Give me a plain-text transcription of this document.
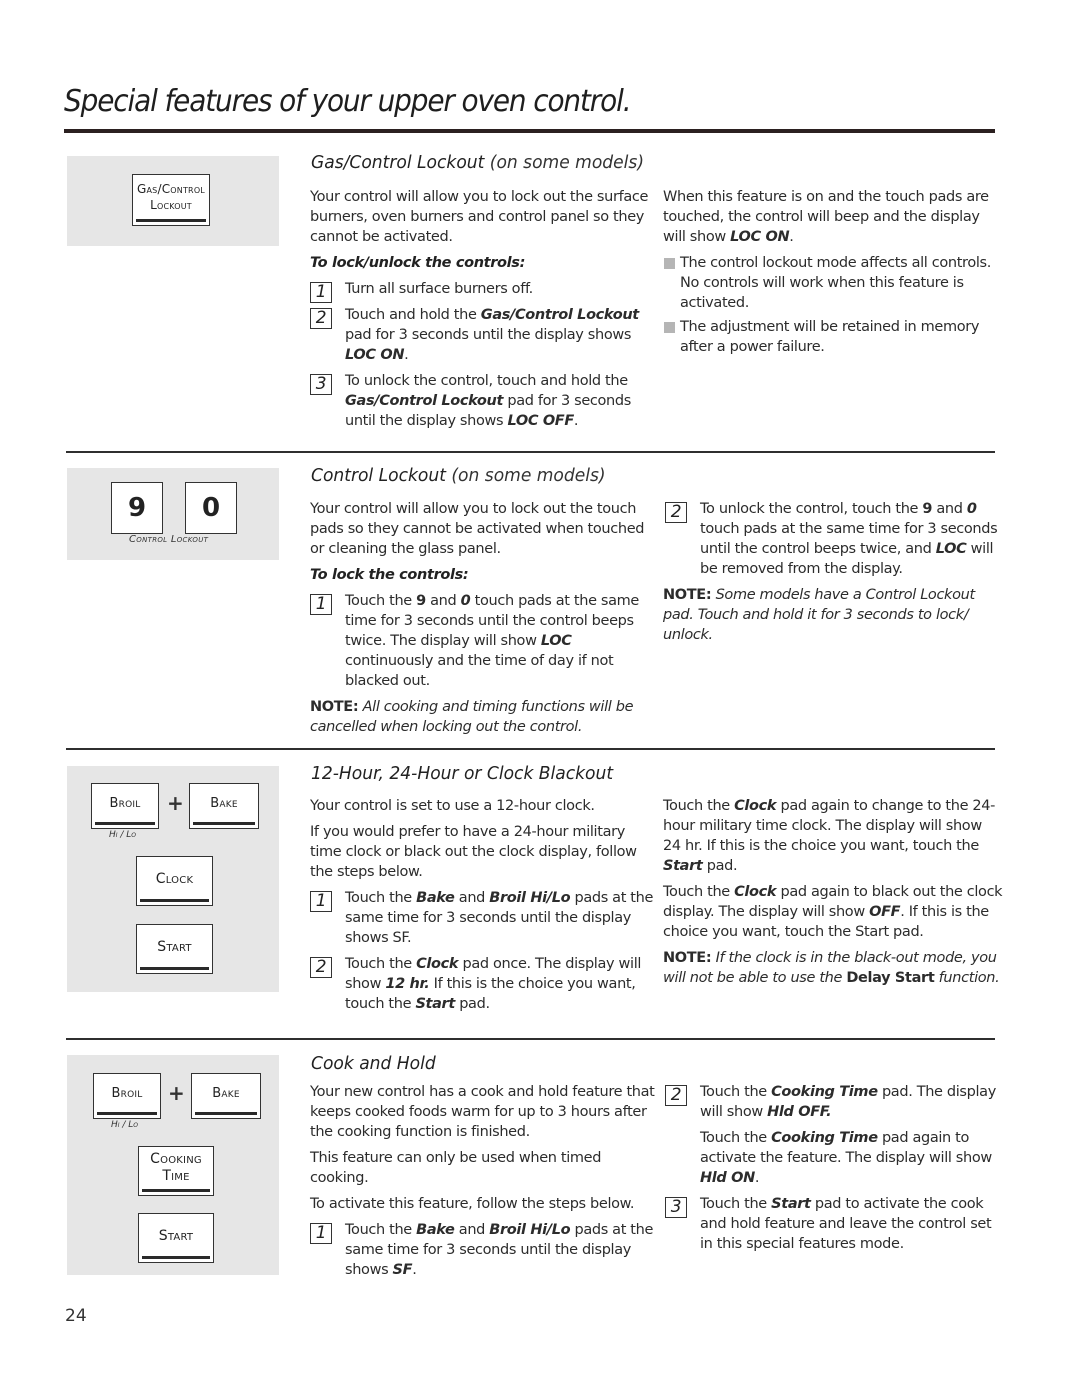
Special features of your upper oven control.
Gas/Control
Lockout
Gas/Control Lockout (on some models)

Your control will allow you to lock out the surface burners, oven burners and control panel so they cannot be activated.

To lock/unlock the controls:
1	Turn all surface burners off.
2	Touch and hold the Gas/Control Lockout pad for 3 seconds until the display shows LOC ON.
3	To unlock the control, touch and hold the Gas/Control Lockout pad for 3 seconds until the display shows LOC OFF.

When this feature is on and the touch pads are touched, the control will beep and the display will show LOC ON.

The control lockout mode affects all controls. No controls will work when this feature is activated.
The adjustment will be retained in memory after a power failure.
9	0
Control Lockout
Control Lockout (on some models)

Your control will allow you to lock out the touch pads so they cannot be activated when touched or cleaning the glass panel.

To lock the controls:
1	Touch the 9 and 0 touch pads at the same time for 3 seconds until the control beeps twice. The display will show LOC continuously and the time of day if not blacked out.

NOTE: All cooking and timing functions will be cancelled when locking out the control.

2	To unlock the control, touch the 9 and 0 touch pads at the same time for 3 seconds until the control beeps twice, and LOC will be removed from the display.

NOTE: Some models have a Control Lockout pad. Touch and hold it for 3 seconds to lock/ unlock.

Broil	+	Bake
Hi / Lo
Clock
Start
12-Hour, 24-Hour or Clock Blackout

Your control is set to use a 12-hour clock.

If you would prefer to have a 24-hour military time clock or black out the clock display, follow the steps below.

1	Touch the Bake and Broil Hi/Lo pads at the same time for 3 seconds until the display shows SF.
2	Touch the Clock pad once. The display will show 12 hr. If this is the choice you want, touch the Start pad.

Touch the Clock pad again to change to the 24-hour military time clock. The display will show 24 hr. If this is the choice you want, touch the Start pad.

Touch the Clock pad again to black out the clock display. The display will show OFF. If this is the choice you want, touch the Start pad.

NOTE: If the clock is in the black-out mode, you will not be able to use the Delay Start function.

Broil	+	Bake
Hi / Lo
Cooking
Time
Start
Cook and Hold

Your new control has a cook and hold feature that keeps cooked foods warm for up to 3 hours after the cooking function is finished.

This feature can only be used when timed cooking.

To activate this feature, follow the steps below.

1	Touch the Bake and Broil Hi/Lo pads at the same time for 3 seconds until the display shows SF.
2	Touch the Cooking Time pad. The display will show Hld OFF.
Touch the Cooking Time pad again to activate the feature. The display will show Hld ON.
3	Touch the Start pad to activate the cook and hold feature and leave the control set in this special features mode.
24
